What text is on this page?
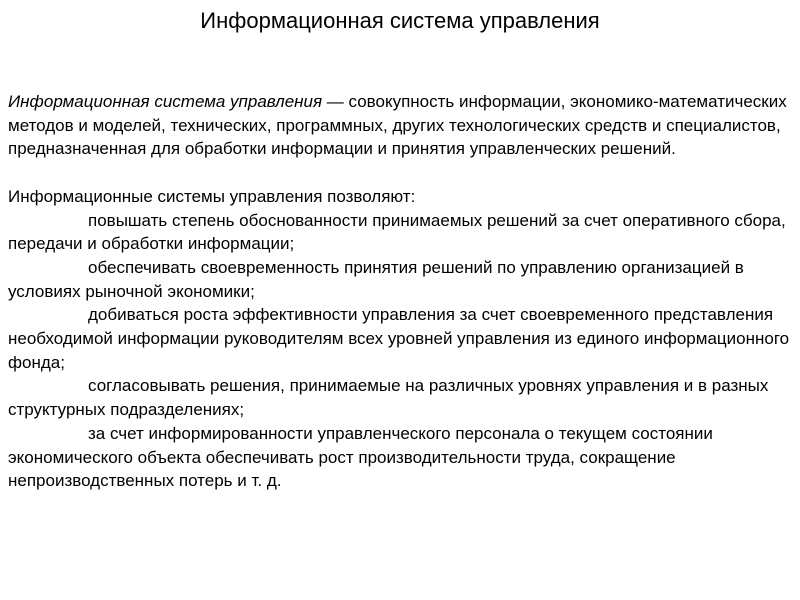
Информационная система управления

Информационная система управления — совокупность информации, экономико-математических методов и моделей, технических, программных, других технологических средств и специалистов, предназначенная для обработки информации и принятия управленческих решений.

Информационные системы управления позволяют:

повышать степень обоснованности принимаемых решений за счет оперативного сбора, передачи и обработки информации;
обеспечивать своевременность принятия решений по управлению организацией в условиях рыночной экономики;
добиваться роста эффективности управления за счет своевременного представления необходимой информации руководителям всех уровней управления из единого информационного фонда;
согласовывать решения, принимаемые на различных уровнях управления и в разных структурных подразделениях;
за счет информированности управленческого персонала о текущем состоянии экономического объекта обеспечивать рост производительности труда, сокращение непроизводственных потерь и т. д.
